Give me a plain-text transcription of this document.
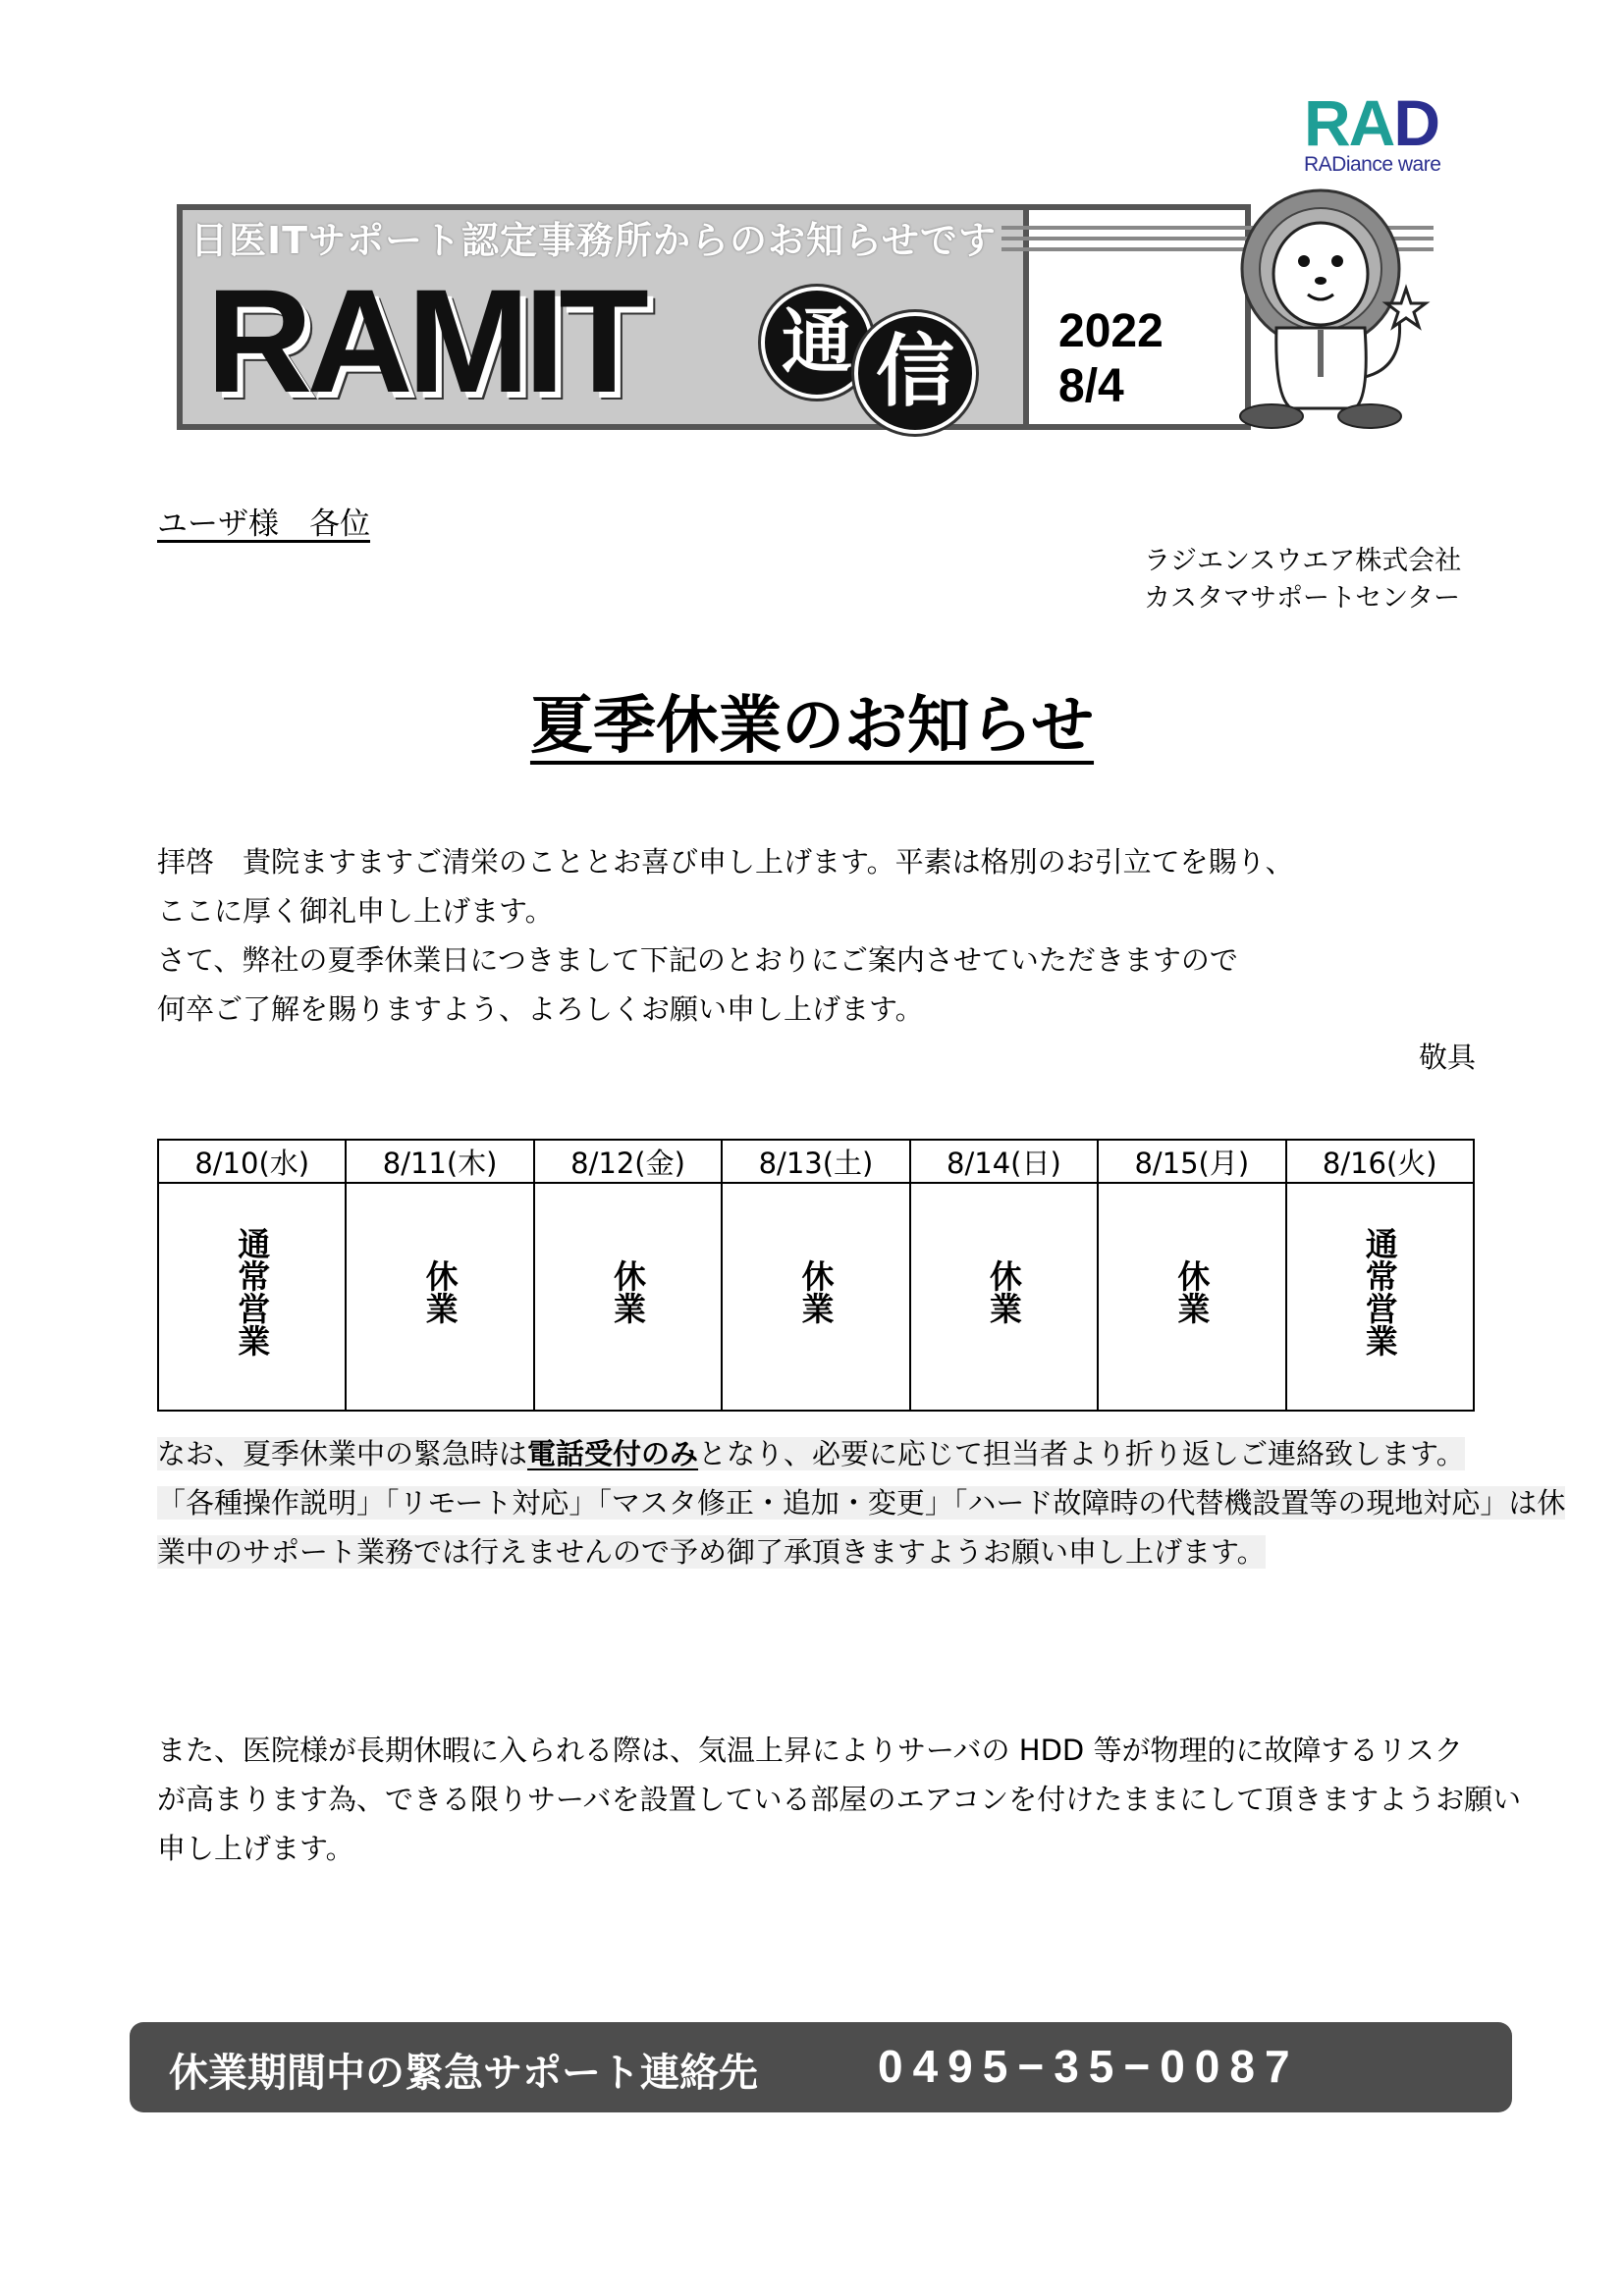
RAD
RADiance ware
日医ITサポート認定事務所からのお知らせです
RAMIT 通 信	2022
8/4
ユーザ様　各位
ラジエンスウエア株式会社
カスタマサポートセンター
夏季休業のお知らせ
拝啓　貴院ますますご清栄のこととお喜び申し上げます。平素は格別のお引立てを賜り、
ここに厚く御礼申し上げます。
さて、弊社の夏季休業日につきまして下記のとおりにご案内させていただきますので
何卒ご了解を賜りますよう、よろしくお願い申し上げます。
敬具
8/10(水)	8/11(木)	8/12(金)	8/13(土)	8/14(日)	8/15(月)	8/16(火)
通常営業	休業	休業	休業	休業	休業	通常営業
なお、夏季休業中の緊急時は電話受付のみとなり、必要に応じて担当者より折り返しご連絡致します。
「各種操作説明」「リモート対応」「マスタ修正・追加・変更」「ハード故障時の代替機設置等の現地対応」は休
業中のサポート業務では行えませんので予め御了承頂きますようお願い申し上げます。
また、医院様が長期休暇に入られる際は、気温上昇によりサーバの HDD 等が物理的に故障するリスク
が高まります為、できる限りサーバを設置している部屋のエアコンを付けたままにして頂きますようお願い
申し上げます。
休業期間中の緊急サポート連絡先	0495−35−0087
